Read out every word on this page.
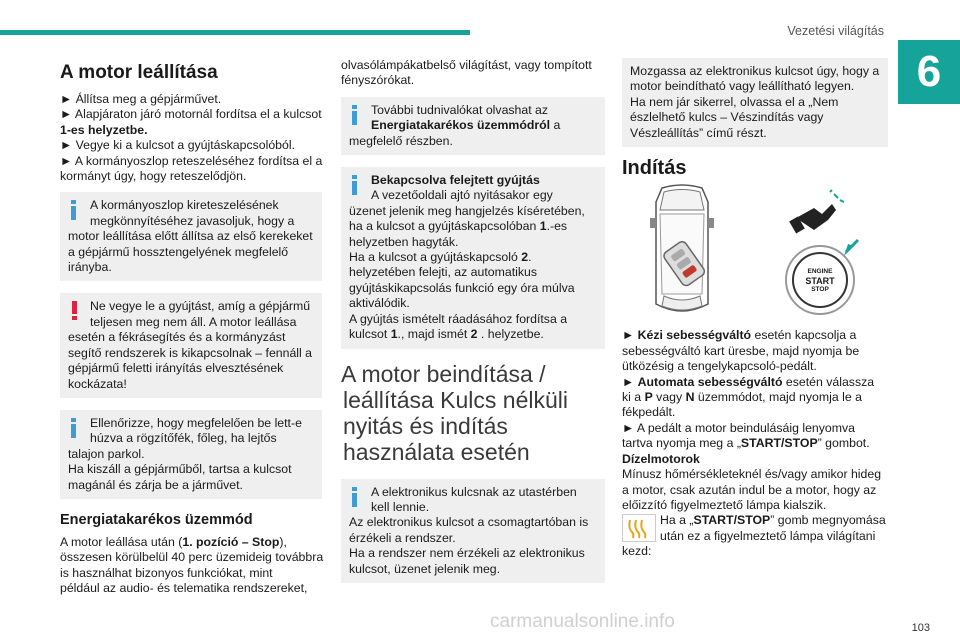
Vezetési világítás
6
A motor leállítása

► Állítsa meg a gépjárművet.

► Alapjáraton járó motornál fordítsa el a kulcsot

1-es helyzetbe.

► Vegye ki a kulcsot a gyújtáskapcsolóból.

► A kormányoszlop reteszeléséhez fordítsa el a

kormányt úgy, hogy reteszelődjön.

A kormányoszlop kireteszelésének

megkönnyítéséhez javasoljuk, hogy a

motor leállítása előtt állítsa az első kerekeket

a gépjármű hossztengelyének megfelelő

irányba.

Ne vegye le a gyújtást, amíg a gépjármű

teljesen meg nem áll. A motor leállása

esetén a fékrásegítés és a kormányzást

segítő rendszerek is kikapcsolnak – fennáll a

gépjármű feletti irányítás elvesztésének

kockázata!

Ellenőrizze, hogy megfelelően be lett-e

húzva a rögzítőfék, főleg, ha lejtős

talajon parkol.

Ha kiszáll a gépjárműből, tartsa a kulcsot

magánál és zárja be a járművet.

Energiatakarékos üzemmód

A motor leállása után (1. pozíció – Stop),

összesen körülbelül 40 perc üzemideig továbbra

is használhat bizonyos funkciókat, mint

például az audio- és telematika rendszereket,

olvasólámpákatbelső világítást, vagy tompított

fényszórókat.

További tudnivalókat olvashat az

Energiatakarékos üzemmódról a

megfelelő részben.

Bekapcsolva felejtett gyújtás

A vezetőoldali ajtó nyitásakor egy

üzenet jelenik meg hangjelzés kíséretében,

ha a kulcsot a gyújtáskapcsolóban 1.-es

helyzetben hagyták.

Ha a kulcsot a gyújtáskapcsoló 2.

helyzetében felejti, az automatikus

gyújtáskikapcsolás funkció egy óra múlva

aktiválódik.

A gyújtás ismételt ráadásához fordítsa a

kulcsot 1., majd ismét 2 . helyzetbe.

A motor beindítása /
leállítása Kulcs nélküli
nyitás és indítás
használata esetén

A elektronikus kulcsnak az utastérben

kell lennie.

Az elektronikus kulcsot a csomagtartóban is

érzékeli a rendszer.

Ha a rendszer nem érzékeli az elektronikus

kulcsot, üzenet jelenik meg.

Mozgassa az elektronikus kulcsot úgy, hogy a

motor beindítható vagy leállítható legyen.

Ha nem jár sikerrel, olvassa el a „Nem

észlelhető kulcs – Vészindítás vagy

Vészleállítás” című részt.

Indítás
ENGINE
START
STOP

► Kézi sebességváltó esetén kapcsolja a

sebességváltó kart üresbe, majd nyomja be

ütközésig a tengelykapcsoló-pedált.

► Automata sebességváltó esetén válassza

ki a P vagy N üzemmódot, majd nyomja le a

fékpedált.

► A pedált a motor beindulásáig lenyomva

tartva nyomja meg a „START/STOP” gombot.

Dízelmotorok

Mínusz hőmérsékleteknél és/vagy amikor hideg

a motor, csak azután indul be a motor, hogy az

előizzító figyelmeztető lámpa kialszik.

Ha a „START/STOP” gomb megnyomása

után ez a figyelmeztető lámpa világítani

kezd:

carmanualsonline.info	103
